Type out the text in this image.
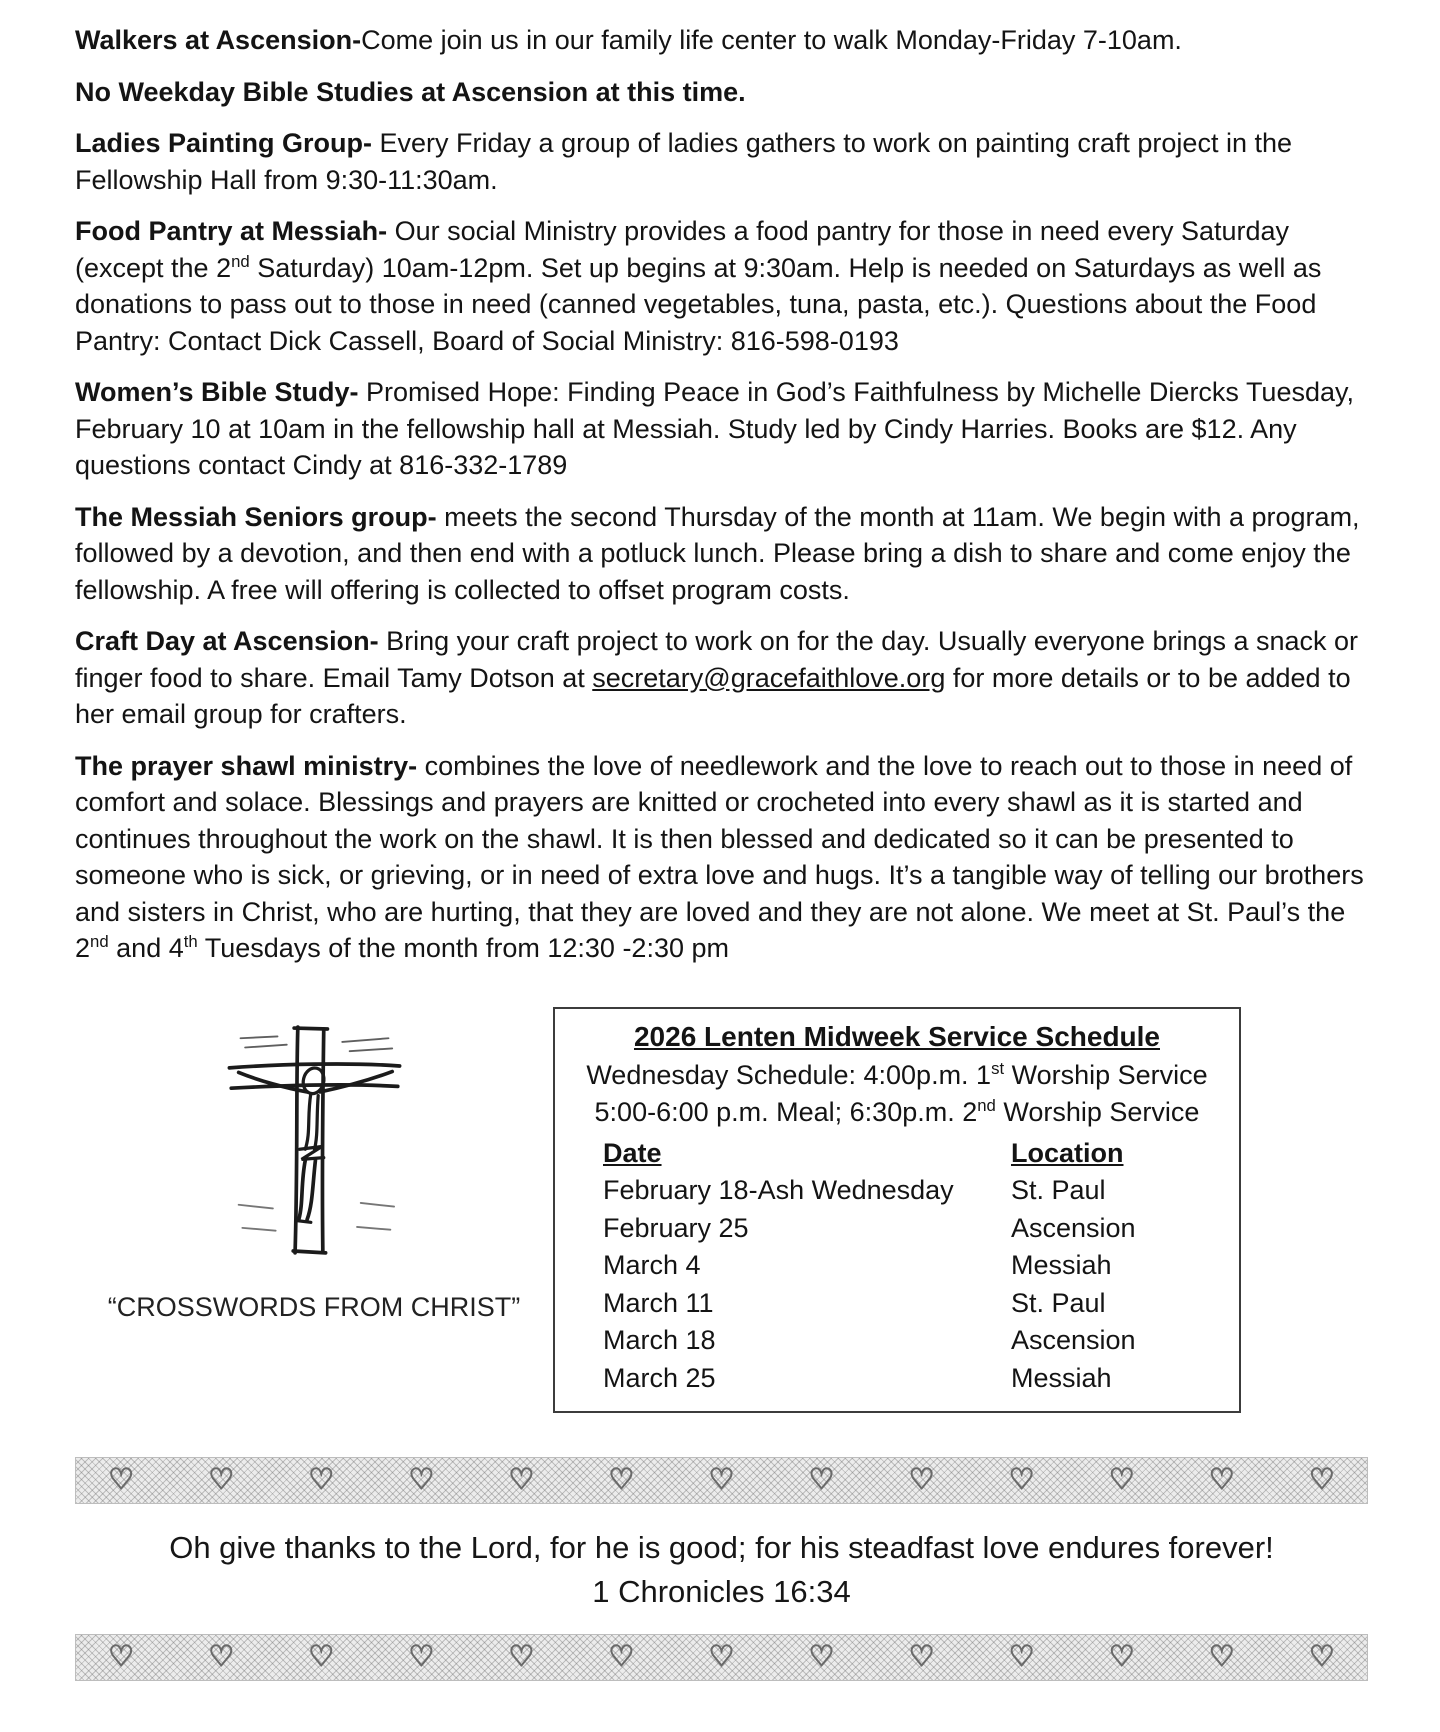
Walkers at Ascension-Come join us in our family life center to walk Monday-Friday 7-10am.

No Weekday Bible Studies at Ascension at this time.

Ladies Painting Group- Every Friday a group of ladies gathers to work on painting craft project in the Fellowship Hall from 9:30-11:30am.

Food Pantry at Messiah- Our social Ministry provides a food pantry for those in need every Saturday (except the 2nd Saturday) 10am-12pm. Set up begins at 9:30am. Help is needed on Saturdays as well as donations to pass out to those in need (canned vegetables, tuna, pasta, etc.). Questions about the Food Pantry: Contact Dick Cassell, Board of Social Ministry: 816-598-0193

Women’s Bible Study- Promised Hope: Finding Peace in God’s Faithfulness by Michelle Diercks Tuesday, February 10 at 10am in the fellowship hall at Messiah. Study led by Cindy Harries. Books are $12. Any questions contact Cindy at 816-332-1789

The Messiah Seniors group- meets the second Thursday of the month at 11am. We begin with a program, followed by a devotion, and then end with a potluck lunch. Please bring a dish to share and come enjoy the fellowship. A free will offering is collected to offset program costs.

Craft Day at Ascension- Bring your craft project to work on for the day. Usually everyone brings a snack or finger food to share. Email Tamy Dotson at secretary@gracefaithlove.org for more details or to be added to her email group for crafters.

The prayer shawl ministry- combines the love of needlework and the love to reach out to those in need of comfort and solace. Blessings and prayers are knitted or crocheted into every shawl as it is started and continues throughout the work on the shawl. It is then blessed and dedicated so it can be presented to someone who is sick, or grieving, or in need of extra love and hugs. It’s a tangible way of telling our brothers and sisters in Christ, who are hurting, that they are loved and they are not alone. We meet at St. Paul’s the 2nd and 4th Tuesdays of the month from 12:30 -2:30 pm

“CROSSWORDS FROM CHRIST”
2026 Lenten Midweek Service Schedule
Wednesday Schedule: 4:00p.m. 1st Worship Service
5:00-6:00 p.m. Meal; 6:30p.m. 2nd Worship Service
Date	Location
February 18-Ash Wednesday	St. Paul
February 25	Ascension
March 4	Messiah
March 11	St. Paul
March 18	Ascension
March 25	Messiah
♡ ♡ ♡ ♡ ♡ ♡ ♡ ♡ ♡ ♡ ♡ ♡ ♡
Oh give thanks to the Lord, for he is good; for his steadfast love endures forever!
1 Chronicles 16:34
♡ ♡ ♡ ♡ ♡ ♡ ♡ ♡ ♡ ♡ ♡ ♡ ♡
